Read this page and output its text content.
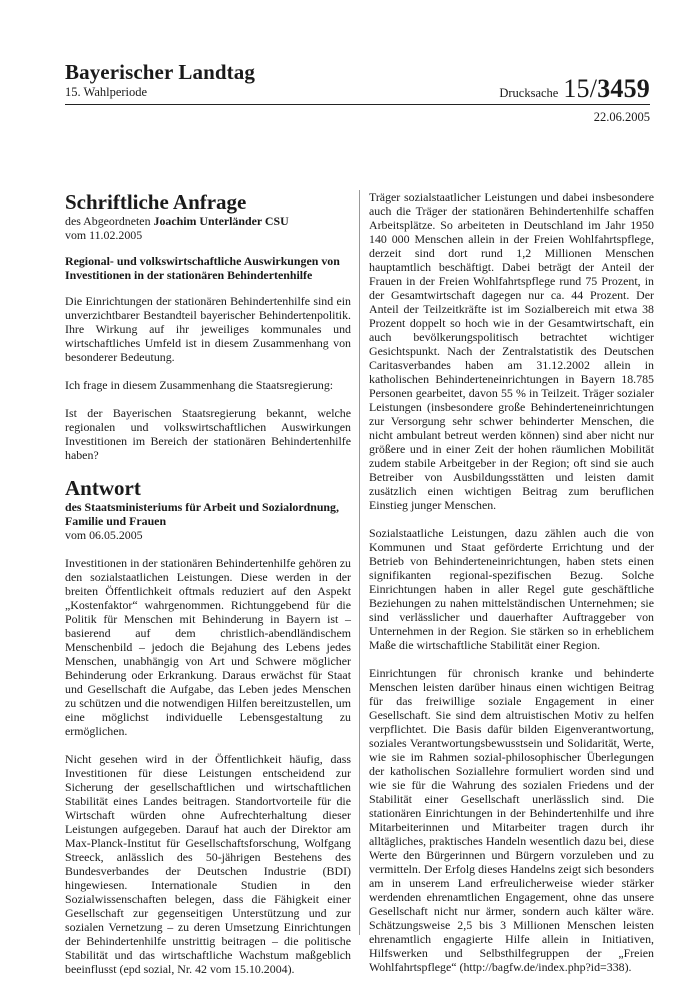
Bayerischer Landtag
15. Wahlperiode	Drucksache 15/3459
22.06.2005
Schriftliche Anfrage

des Abgeordneten Joachim Unterländer CSU

vom 11.02.2005

Regional- und volkswirtschaftliche Auswirkungen von Investitionen in der stationären Behindertenhilfe

Die Einrichtungen der stationären Behindertenhilfe sind ein unverzichtbarer Bestandteil bayerischer Behindertenpolitik. Ihre Wirkung auf ihr jeweiliges kommunales und wirtschaftliches Umfeld ist in diesem Zusammenhang von besonderer Bedeutung.

Ich frage in diesem Zusammenhang die Staatsregierung:

Ist der Bayerischen Staatsregierung bekannt, welche regionalen und volkswirtschaftlichen Auswirkungen Investitionen im Bereich der stationären Behindertenhilfe haben?

Antwort

des Staatsministeriums für Arbeit und Sozialordnung, Familie und Frauen

vom 06.05.2005

Investitionen in der stationären Behindertenhilfe gehören zu den sozialstaatlichen Leistungen. Diese werden in der breiten Öffentlichkeit oftmals reduziert auf den Aspekt „Kostenfaktor“ wahrgenommen. Richtunggebend für die Politik für Menschen mit Behinderung in Bayern ist – basierend auf dem christlich-abendländischem Menschenbild – jedoch die Bejahung des Lebens jedes Menschen, unabhängig von Art und Schwere möglicher Behinderung oder Erkrankung. Daraus erwächst für Staat und Gesellschaft die Aufgabe, das Leben jedes Menschen zu schützen und die notwendigen Hilfen bereitzustellen, um eine möglichst individuelle Lebensgestaltung zu ermöglichen.

Nicht gesehen wird in der Öffentlichkeit häufig, dass Investitionen für diese Leistungen entscheidend zur Sicherung der gesellschaftlichen und wirtschaftlichen Stabilität eines Landes beitragen. Standortvorteile für die Wirtschaft würden ohne Aufrechterhaltung dieser Leistungen aufgegeben. Darauf hat auch der Direktor am Max-Planck-Institut für Gesellschaftsforschung, Wolfgang Streeck, anlässlich des 50-jährigen Bestehens des Bundesverbandes der Deutschen Industrie (BDI) hingewiesen. Internationale Studien in den Sozialwissenschaften belegen, dass die Fähigkeit einer Gesellschaft zur gegenseitigen Unterstützung und zur sozialen Vernetzung – zu deren Umsetzung Einrichtungen der Behindertenhilfe unstrittig beitragen – die politische Stabilität und das wirtschaftliche Wachstum maßgeblich beeinflusst (epd sozial, Nr. 42 vom 15.10.2004).

Träger sozialstaatlicher Leistungen und dabei insbesondere auch die Träger der stationären Behindertenhilfe schaffen Arbeitsplätze. So arbeiteten in Deutschland im Jahr 1950 140 000 Menschen allein in der Freien Wohlfahrtspflege, derzeit sind dort rund 1,2 Millionen Menschen hauptamtlich beschäftigt. Dabei beträgt der Anteil der Frauen in der Freien Wohlfahrtspflege rund 75 Prozent, in der Gesamtwirtschaft dagegen nur ca. 44 Prozent. Der Anteil der Teilzeitkräfte ist im Sozialbereich mit etwa 38 Prozent doppelt so hoch wie in der Gesamtwirtschaft, ein auch bevölkerungspolitisch betrachtet wichtiger Gesichtspunkt. Nach der Zentralstatistik des Deutschen Caritasverbandes haben am 31.12.2002 allein in katholischen Behinderteneinrichtungen in Bayern 18.785 Personen gearbeitet, davon 55 % in Teilzeit. Träger sozialer Leistungen (insbesondere große Behinderteneinrichtungen zur Versorgung sehr schwer behinderter Menschen, die nicht ambulant betreut werden können) sind aber nicht nur größere und in einer Zeit der hohen räumlichen Mobilität zudem stabile Arbeitgeber in der Region; oft sind sie auch Betreiber von Ausbildungsstätten und leisten damit zusätzlich einen wichtigen Beitrag zum beruflichen Einstieg junger Menschen.

Sozialstaatliche Leistungen, dazu zählen auch die von Kommunen und Staat geförderte Errichtung und der Betrieb von Behinderteneinrichtungen, haben stets einen signifikanten regional-spezifischen Bezug. Solche Einrichtungen haben in aller Regel gute geschäftliche Beziehungen zu nahen mittelständischen Unternehmen; sie sind verlässlicher und dauerhafter Auftraggeber von Unternehmen in der Region. Sie stärken so in erheblichem Maße die wirtschaftliche Stabilität einer Region.

Einrichtungen für chronisch kranke und behinderte Menschen leisten darüber hinaus einen wichtigen Beitrag für das freiwillige soziale Engagement in einer Gesellschaft. Sie sind dem altruistischen Motiv zu helfen verpflichtet. Die Basis dafür bilden Eigenverantwortung, soziales Verantwortungsbewusstsein und Solidarität, Werte, wie sie im Rahmen sozial-philosophischer Überlegungen der katholischen Soziallehre formuliert worden sind und wie sie für die Wahrung des sozialen Friedens und der Stabilität einer Gesellschaft unerlässlich sind. Die stationären Einrichtungen in der Behindertenhilfe und ihre Mitarbeiterinnen und Mitarbeiter tragen durch ihr alltägliches, praktisches Handeln wesentlich dazu bei, diese Werte den Bürgerinnen und Bürgern vorzuleben und zu vermitteln. Der Erfolg dieses Handelns zeigt sich besonders am in unserem Land erfreulicherweise wieder stärker werdenden ehrenamtlichen Engagement, ohne das unsere Gesellschaft nicht nur ärmer, sondern auch kälter wäre. Schätzungsweise 2,5 bis 3 Millionen Menschen leisten ehrenamtlich engagierte Hilfe allein in Initiativen, Hilfswerken und Selbsthilfegruppen der „Freien Wohlfahrtspflege“ (http://bagfw.de/index.php?id=338).
